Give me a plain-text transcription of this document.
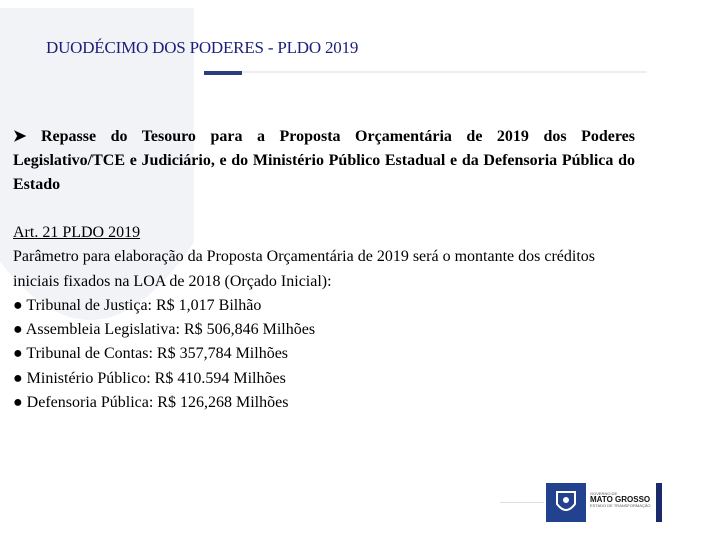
DUODÉCIMO DOS PODERES - PLDO 2019
➤ Repasse do Tesouro para a Proposta Orçamentária de 2019 dos Poderes Legislativo/TCE e Judiciário, e do Ministério Público Estadual e da Defensoria Pública do Estado
Art. 21 PLDO 2019
Parâmetro para elaboração da Proposta Orçamentária de 2019 será o montante dos créditos iniciais fixados na LOA de 2018 (Orçado Inicial):
● Tribunal de Justiça: R$ 1,017 Bilhão
● Assembleia Legislativa: R$ 506,846 Milhões
● Tribunal de Contas: R$ 357,784 Milhões
● Ministério Público: R$ 410.594 Milhões
● Defensoria Pública: R$ 126,268 Milhões
GOVERNO DE
MATO GROSSO
ESTADO DE TRANSFORMAÇÃO
